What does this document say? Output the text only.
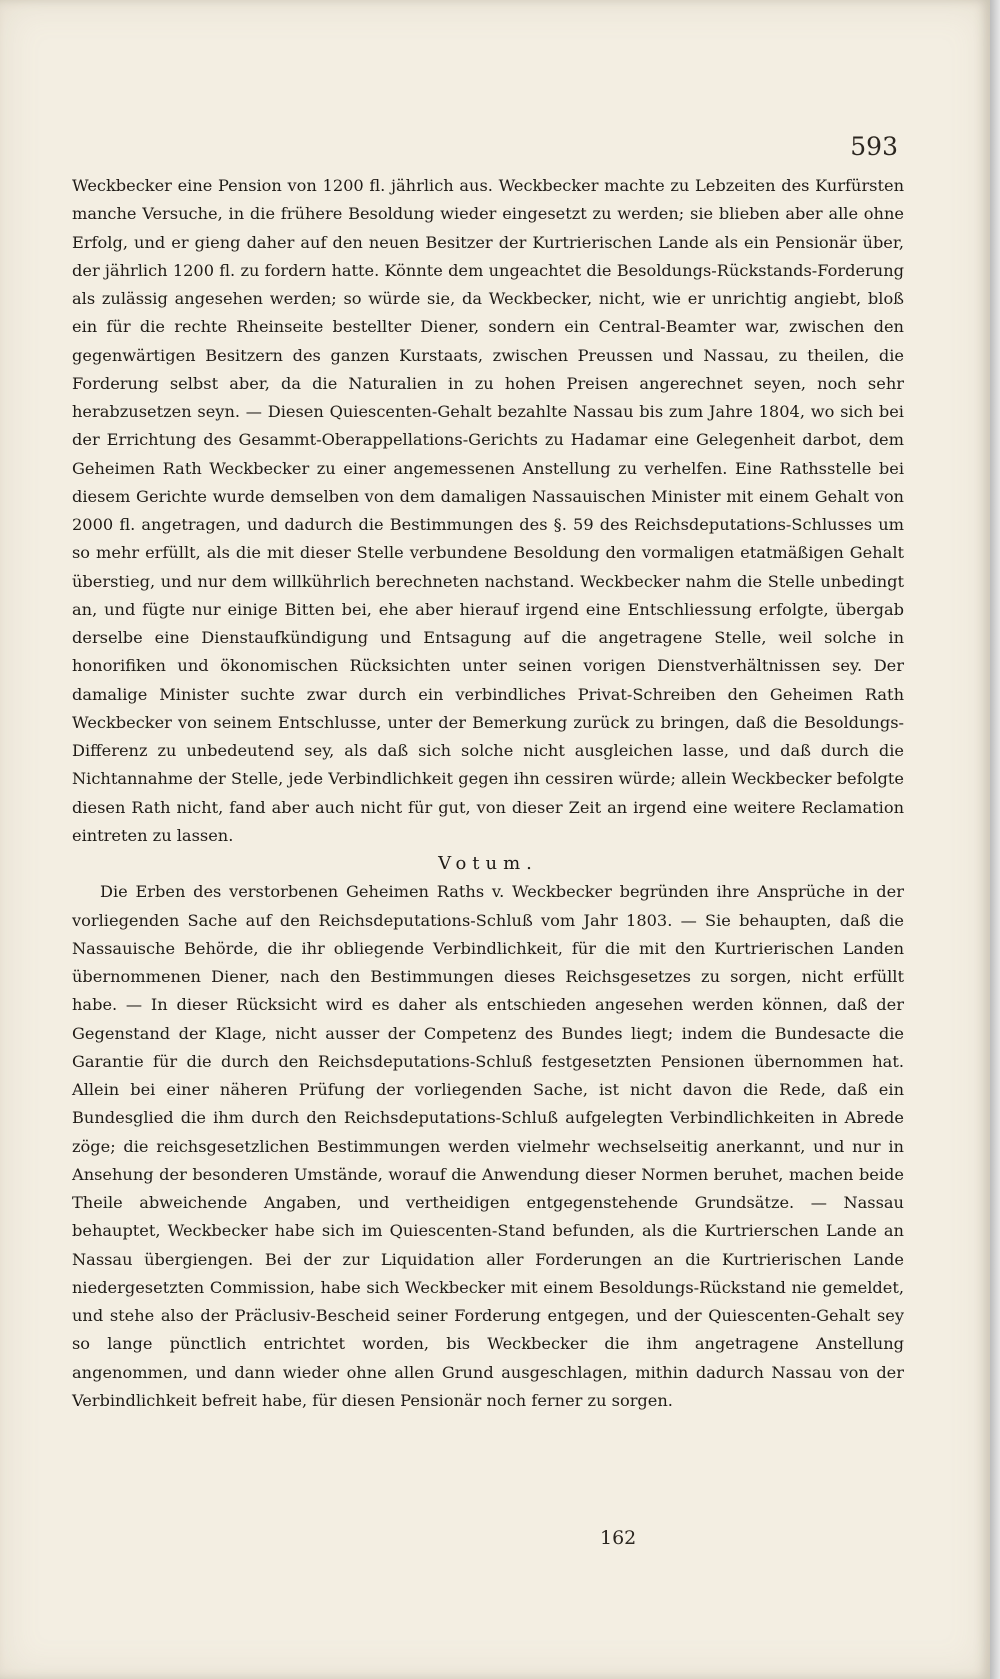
593

Weckbecker eine Pension von 1200 fl. jährlich aus. Weckbecker machte zu Lebzeiten des Kurfürsten manche Versuche, in die frühere Besoldung wieder eingesetzt zu werden; sie blieben aber alle ohne Erfolg, und er gieng daher auf den neuen Besitzer der Kurtrierischen Lande als ein Pensionär über, der jährlich 1200 fl. zu fordern hatte. Könnte dem ungeachtet die Besoldungs-Rückstands-Forderung als zulässig angesehen werden; so würde sie, da Weckbecker, nicht, wie er unrichtig angiebt, bloß ein für die rechte Rheinseite bestellter Diener, sondern ein Central-Beamter war, zwischen den gegenwärtigen Besitzern des ganzen Kurstaats, zwischen Preussen und Nassau, zu theilen, die Forderung selbst aber, da die Naturalien in zu hohen Preisen angerechnet seyen, noch sehr herabzusetzen seyn. — Diesen Quiescenten-Gehalt bezahlte Nassau bis zum Jahre 1804, wo sich bei der Errichtung des Gesammt-Oberappellations-Gerichts zu Hadamar eine Gelegenheit darbot, dem Geheimen Rath Weckbecker zu einer angemessenen Anstellung zu verhelfen. Eine Rathsstelle bei diesem Gerichte wurde demselben von dem damaligen Nassauischen Minister mit einem Gehalt von 2000 fl. angetragen, und dadurch die Bestimmungen des §. 59 des Reichsdeputations-Schlusses um so mehr erfüllt, als die mit dieser Stelle verbundene Besoldung den vormaligen etatmäßigen Gehalt überstieg, und nur dem willkührlich berechneten nachstand. Weckbecker nahm die Stelle unbedingt an, und fügte nur einige Bitten bei, ehe aber hierauf irgend eine Entschliessung erfolgte, übergab derselbe eine Dienstaufkündigung und Entsagung auf die angetragene Stelle, weil solche in honorifiken und ökonomischen Rücksichten unter seinen vorigen Dienstverhältnissen sey. Der damalige Minister suchte zwar durch ein verbindliches Privat-Schreiben den Geheimen Rath Weckbecker von seinem Entschlusse, unter der Bemerkung zurück zu bringen, daß die Besoldungs-Differenz zu unbedeutend sey, als daß sich solche nicht ausgleichen lasse, und daß durch die Nichtannahme der Stelle, jede Verbindlichkeit gegen ihn cessiren würde; allein Weckbecker befolgte diesen Rath nicht, fand aber auch nicht für gut, von dieser Zeit an irgend eine weitere Reclamation eintreten zu lassen.

Votum.

Die Erben des verstorbenen Geheimen Raths v. Weckbecker begründen ihre Ansprüche in der vorliegenden Sache auf den Reichsdeputations-Schluß vom Jahr 1803. — Sie behaupten, daß die Nassauische Behörde, die ihr obliegende Verbindlichkeit, für die mit den Kurtrierischen Landen übernommenen Diener, nach den Bestimmungen dieses Reichsgesetzes zu sorgen, nicht erfüllt habe. — In dieser Rücksicht wird es daher als entschieden angesehen werden können, daß der Gegenstand der Klage, nicht ausser der Competenz des Bundes liegt; indem die Bundesacte die Garantie für die durch den Reichsdeputations-Schluß festgesetzten Pensionen übernommen hat. Allein bei einer näheren Prüfung der vorliegenden Sache, ist nicht davon die Rede, daß ein Bundesglied die ihm durch den Reichsdeputations-Schluß aufgelegten Verbindlichkeiten in Abrede zöge; die reichsgesetzlichen Bestimmungen werden vielmehr wechselseitig anerkannt, und nur in Ansehung der besonderen Umstände, worauf die Anwendung dieser Normen beruhet, machen beide Theile abweichende Angaben, und vertheidigen entgegenstehende Grundsätze. — Nassau behauptet, Weckbecker habe sich im Quiescenten-Stand befunden, als die Kurtrierschen Lande an Nassau übergiengen. Bei der zur Liquidation aller Forderungen an die Kurtrierischen Lande niedergesetzten Commission, habe sich Weckbecker mit einem Besoldungs-Rückstand nie gemeldet, und stehe also der Präclusiv-Bescheid seiner Forderung entgegen, und der Quiescenten-Gehalt sey so lange pünctlich entrichtet worden, bis Weckbecker die ihm angetragene Anstellung angenommen, und dann wieder ohne allen Grund ausgeschlagen, mithin dadurch Nassau von der Verbindlichkeit befreit habe, für diesen Pensionär noch ferner zu sorgen.

162
